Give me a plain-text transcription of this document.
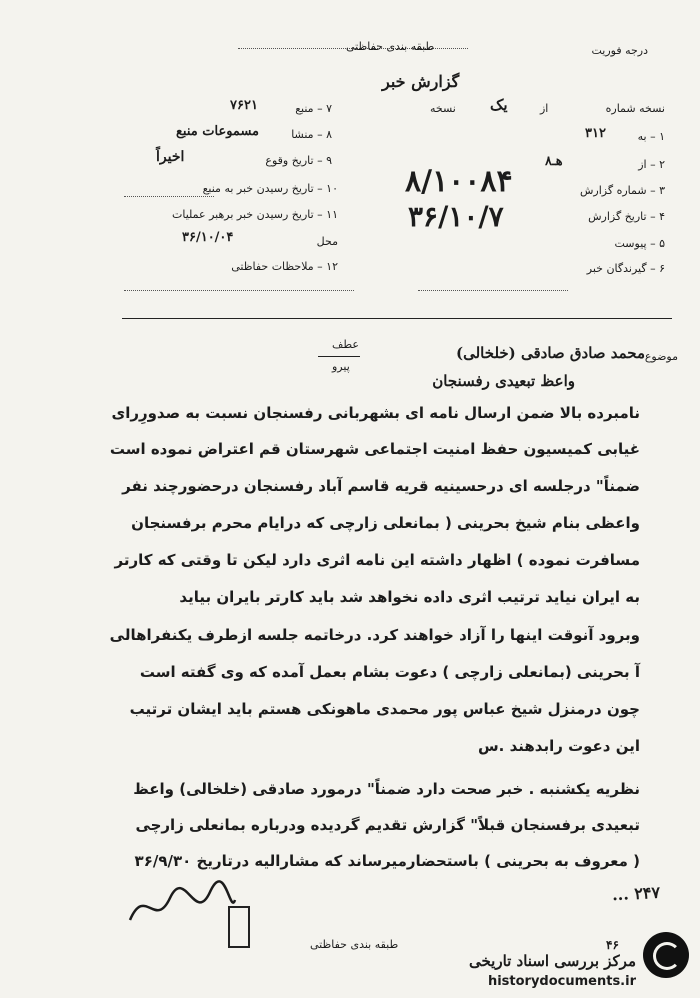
درجه فوریت
طبقه بندی حفاظتی
گزارش خبر
۷ – منبع
۷۶۲۱
۸ – منشا
مسموعات منبع
۹ – تاریخ وقوع
اخیراً
۱۰ – تاریخ رسیدن خبر به منبع
۱۱ – تاریخ رسیدن خبر برهبر عملیات
محل
۳۶/۱۰/۰۴
۱۲ – ملاحظات حفاظتی
نسخه شماره
یک	از
نسخه
۱ – به
۳۱۲
۲ – از
۸هـ
۳ – شماره گزارش
۸/۱۰۰۸۴
۴ – تاریخ گزارش
۳۶/۱۰/۷
۵ – پیوست
۶ – گیرندگان خبر
موضوع
محمد صادق صادقی (خلخالی)
واعظ تبعیدی رفسنجان
عطف
پیرو
نامبرده بالا ضمن ارسال نامه ای بشهربانی رفسنجان نسبت به صدورِرای
غیابی کمیسیون حفظ امنیت اجتماعی شهرستان قم اعتراض نموده است
ضمناً" درجلسه ای درحسینیه قریه قاسم آباد رفسنجان درحضورچند نفر
واعظی بنام شیخ بحرینی ( بمانعلی زارچی که درایام محرم برفسنجان
مسافرت نموده ) اظهار داشته این نامه اثری دارد لیکن تا وقتی که کارتر
به ایران نیاید ترتیب اثری داده نخواهد شد باید کارتر بایران بیاید
وبرود آنوقت اینها را آزاد خواهند کرد. درخاتمه جلسه ازطرف یکنفراهالی
آ بحرینی (بمانعلی زارچی ) دعوت بشام بعمل آمده که وی گفته است
چون درمنزل شیخ عباس پور محمدی ماهونکی هستم باید ایشان ترتیب
این دعوت رابدهند .س
نظریه یکشنبه . خبر صحت دارد ضمناً" درمورد صادقی (خلخالی) واعظ
تبعیدی برفسنجان قبلاً" گزارش تقدیم گردیده ودرباره بمانعلی زارچی
( معروف به بحرینی ) باستحضارمیرساند که مشارالیه درتاریخ ۳۶/۹/۳۰
۲۴۷ ...
طبقه بندی حفاظتی	۴۶
مرکز بررسی اسناد تاریخی
historydocuments.ir
